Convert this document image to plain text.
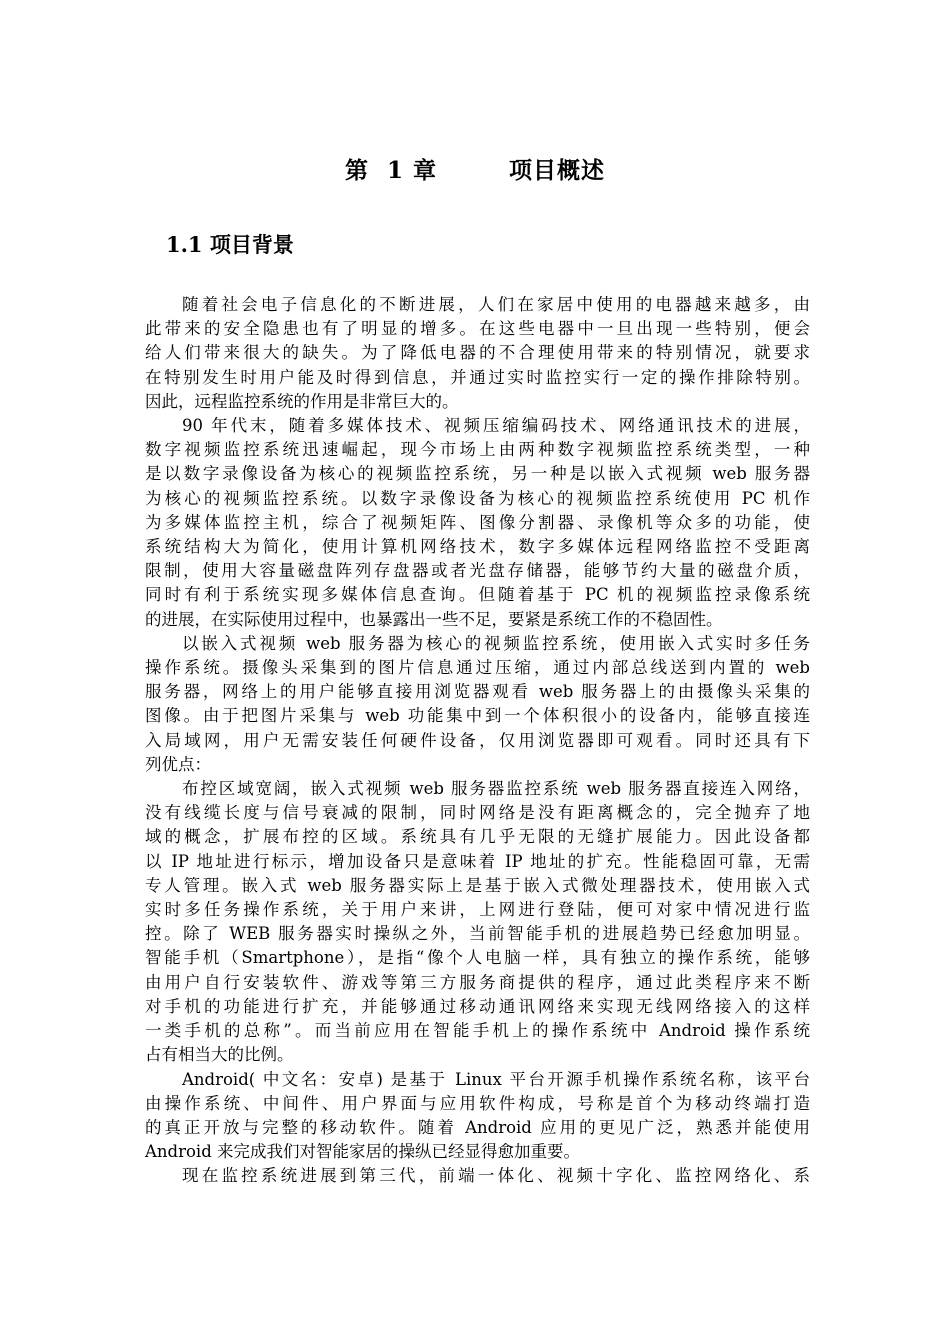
第  1 章        项目概述
1.1 项目背景

随着社会电子信息化的不断进展，人们在家居中使用的电器越来越多，由
此带来的安全隐患也有了明显的增多。在这些电器中一旦出现一些特别，便会
给人们带来很大的缺失。为了降低电器的不合理使用带来的特别情况，就要求
在特别发生时用户能及时得到信息，并通过实时监控实行一定的操作排除特别。
因此，远程监控系统的作用是非常巨大的。

90 年代末，随着多媒体技术、视频压缩编码技术、网络通讯技术的进展，
数字视频监控系统迅速崛起，现今市场上由两种数字视频监控系统类型，一种
是以数字录像设备为核心的视频监控系统，另一种是以嵌入式视频 web 服务器
为核心的视频监控系统。以数字录像设备为核心的视频监控系统使用 PC 机作
为多媒体监控主机，综合了视频矩阵、图像分割器、录像机等众多的功能，使
系统结构大为简化，使用计算机网络技术，数字多媒体远程网络监控不受距离
限制，使用大容量磁盘阵列存盘器或者光盘存储器，能够节约大量的磁盘介质，
同时有利于系统实现多媒体信息查询。但随着基于 PC 机的视频监控录像系统
的进展，在实际使用过程中，也暴露出一些不足，要紧是系统工作的不稳固性。

以嵌入式视频 web 服务器为核心的视频监控系统，使用嵌入式实时多任务
操作系统。摄像头采集到的图片信息通过压缩，通过内部总线送到内置的 web
服务器，网络上的用户能够直接用浏览器观看 web 服务器上的由摄像头采集的
图像。由于把图片采集与 web 功能集中到一个体积很小的设备内，能够直接连
入局域网，用户无需安装任何硬件设备，仅用浏览器即可观看。同时还具有下
列优点：

布控区域宽阔，嵌入式视频 web 服务器监控系统 web 服务器直接连入网络，
没有线缆长度与信号衰减的限制，同时网络是没有距离概念的，完全抛弃了地
域的概念，扩展布控的区域。系统具有几乎无限的无缝扩展能力。因此设备都
以 IP 地址进行标示，增加设备只是意味着 IP 地址的扩充。性能稳固可靠，无需
专人管理。嵌入式 web 服务器实际上是基于嵌入式微处理器技术，使用嵌入式
实时多任务操作系统，关于用户来讲，上网进行登陆，便可对家中情况进行监
控。除了 WEB 服务器实时操纵之外，当前智能手机的进展趋势已经愈加明显。
智能手机（Smartphone），是指“像个人电脑一样，具有独立的操作系统，能够
由用户自行安装软件、游戏等第三方服务商提供的程序，通过此类程序来不断
对手机的功能进行扩充，并能够通过移动通讯网络来实现无线网络接入的这样
一类手机的总称”。而当前应用在智能手机上的操作系统中 Android 操作系统
占有相当大的比例。

Android( 中文名：安卓) 是基于 Linux 平台开源手机操作系统名称，该平台
由操作系统、中间件、用户界面与应用软件构成，号称是首个为移动终端打造
的真正开放与完整的移动软件。随着 Android 应用的更见广泛，熟悉并能使用
Android 来完成我们对智能家居的操纵已经显得愈加重要。

现在监控系统进展到第三代，前端一体化、视频十字化、监控网络化、系
